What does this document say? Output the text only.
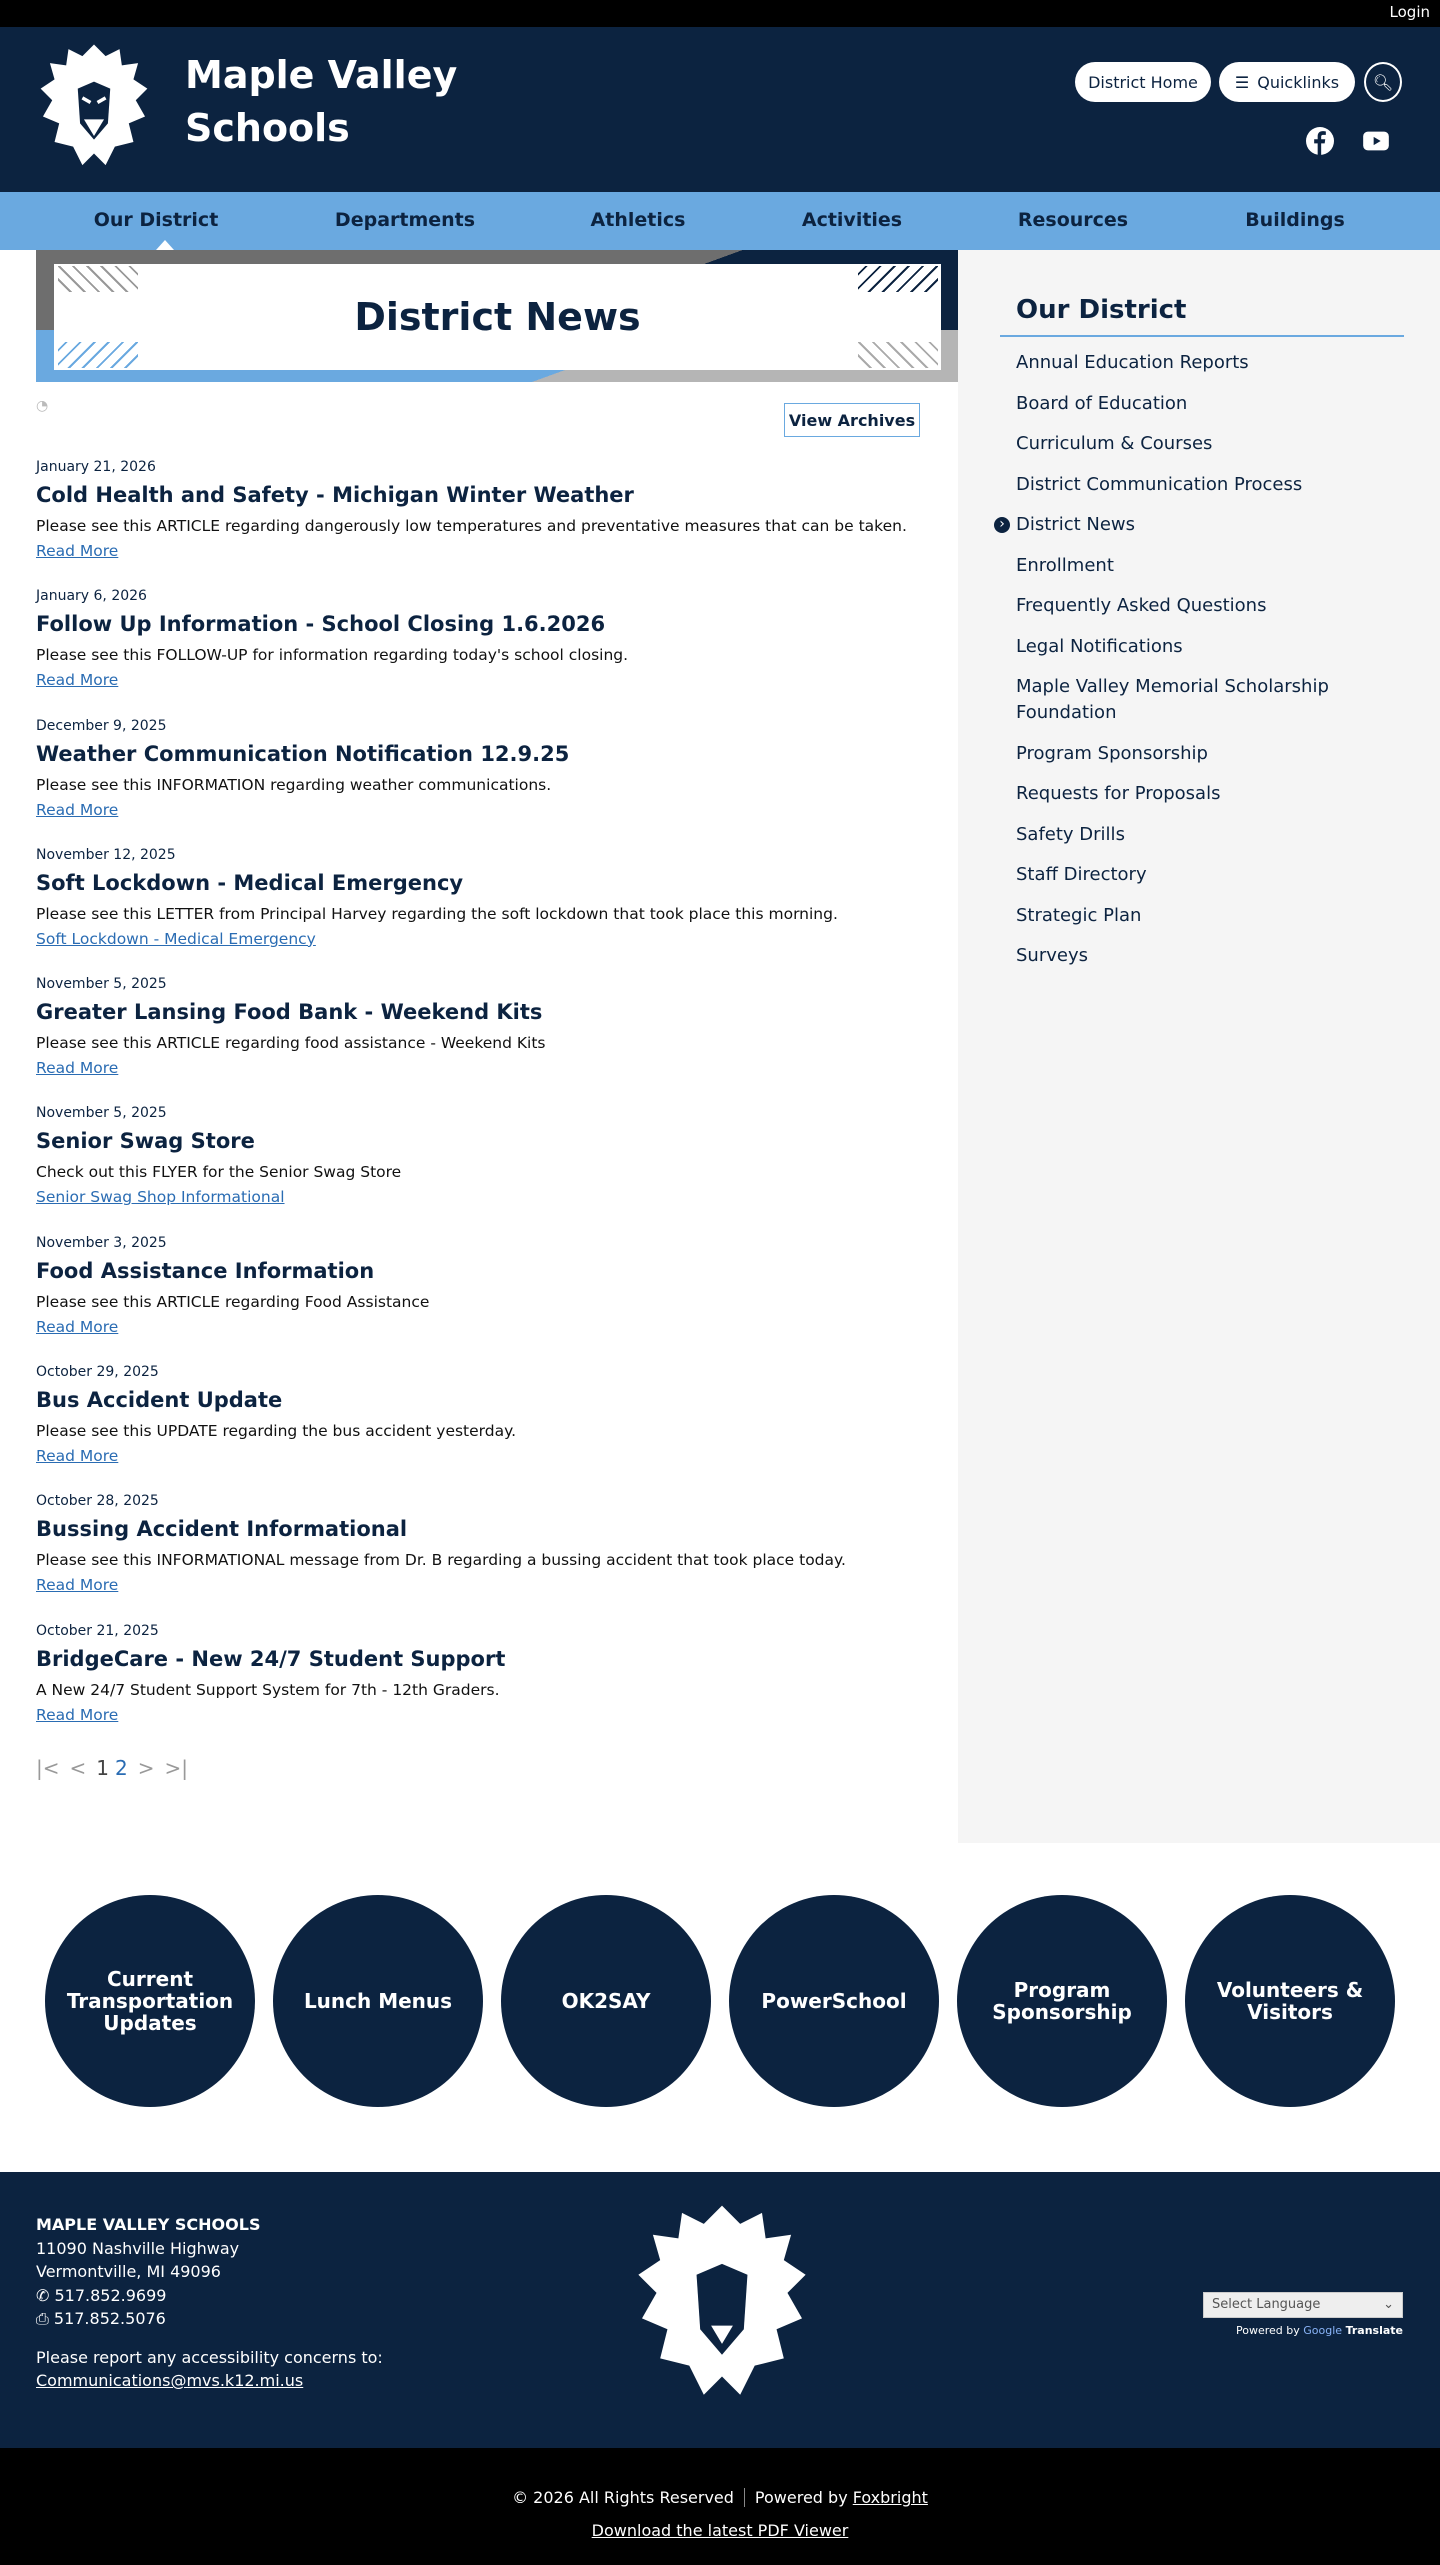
Login
Maple Valley
Schools
District Home ☰ Quicklinks 🔍︎
Our District	Departments	Athletics	Activities	Resources	Buildings
Our District
Annual Education Reports
Board of Education
Curriculum & Courses
District Communication Process
› District News
Enrollment
Frequently Asked Questions
Legal Notifications
Maple Valley Memorial Scholarship Foundation
Program Sponsorship
Requests for Proposals
Safety Drills
Staff Directory
Strategic Plan
Surveys
District News
◔
View Archives
January 21, 2026
Cold Health and Safety - Michigan Winter Weather
Please see this ARTICLE regarding dangerously low temperatures and preventative measures that can be taken.
Read More
January 6, 2026
Follow Up Information - School Closing 1.6.2026
Please see this FOLLOW-UP for information regarding today's school closing.
Read More
December 9, 2025
Weather Communication Notification 12.9.25
Please see this INFORMATION regarding weather communications.
Read More
November 12, 2025
Soft Lockdown - Medical Emergency
Please see this LETTER from Principal Harvey regarding the soft lockdown that took place this morning.
Soft Lockdown - Medical Emergency
November 5, 2025
Greater Lansing Food Bank - Weekend Kits
Please see this ARTICLE regarding food assistance - Weekend Kits
Read More
November 5, 2025
Senior Swag Store
Check out this FLYER for the Senior Swag Store
Senior Swag Shop Informational
November 3, 2025
Food Assistance Information
Please see this ARTICLE regarding Food Assistance
Read More
October 29, 2025
Bus Accident Update
Please see this UPDATE regarding the bus accident yesterday.
Read More
October 28, 2025
Bussing Accident Informational
Please see this INFORMATIONAL message from Dr. B regarding a bussing accident that took place today.
Read More
October 21, 2025
BridgeCare - New 24/7 Student Support
A New 24/7 Student Support System for 7th - 12th Graders.
Read More
|< < 1 2 > >|
Current Transportation Updates
Lunch Menus	OK2SAY	PowerSchool	Program Sponsorship
Volunteers & Visitors
MAPLE VALLEY SCHOOLS
11090 Nashville Highway
Vermontville, MI 49096
✆ 517.852.9699
⎙ 517.852.5076
Please report any accessibility concerns to:
Communications@mvs.k12.mi.us
Select Language	⌄
Powered by Google Translate
© 2026 All Rights Reserved Powered by Foxbright
Download the latest PDF Viewer
